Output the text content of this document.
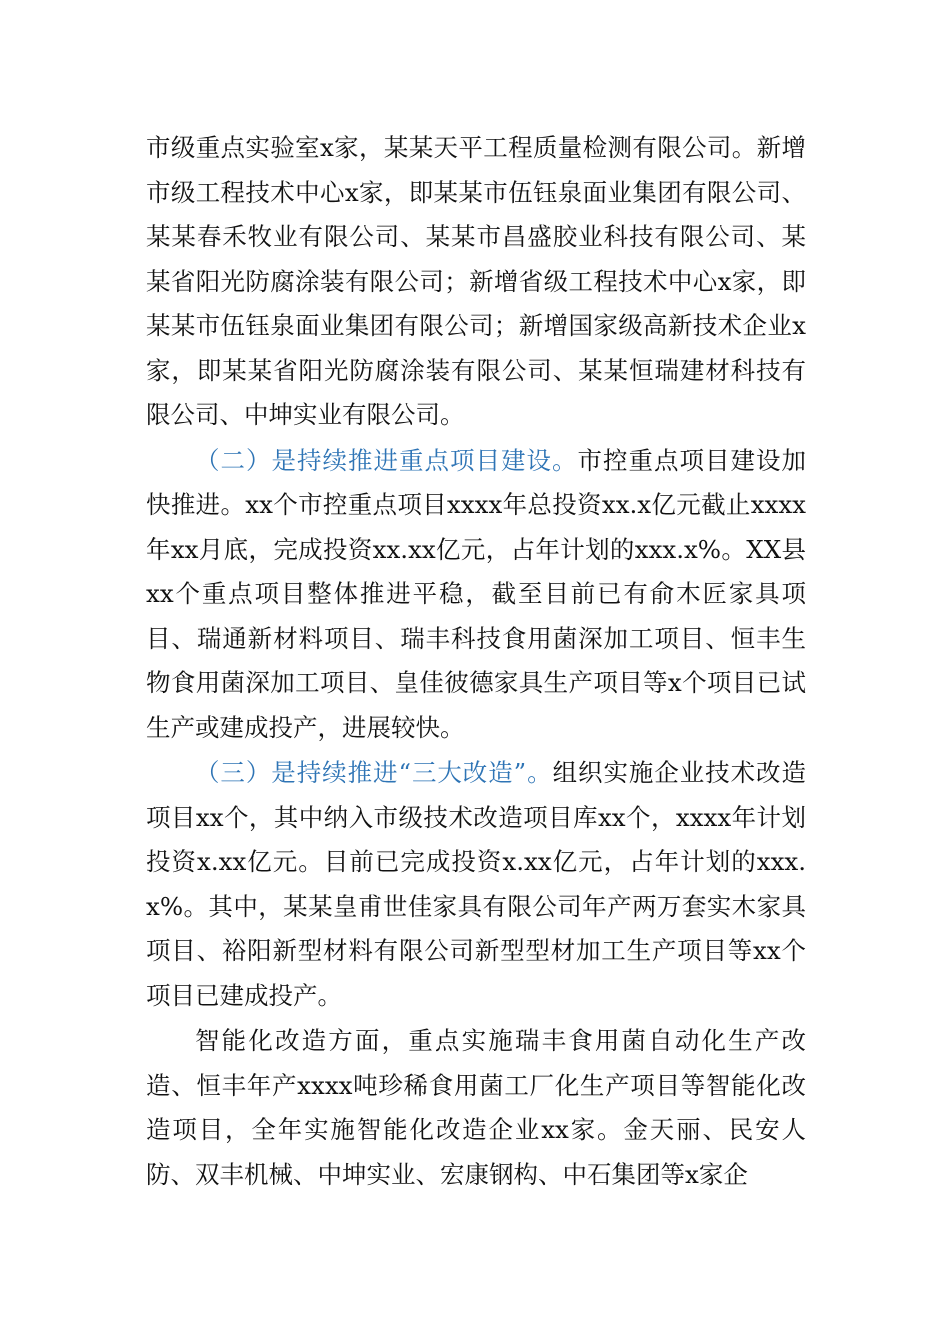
市级重点实验室x家，某某天平工程质量检测有限公司。新增市级工程技术中心x家，即某某市伍钰泉面业集团有限公司、某某春禾牧业有限公司、某某市昌盛胶业科技有限公司、某某省阳光防腐涂装有限公司；新增省级工程技术中心x家，即某某市伍钰泉面业集团有限公司；新增国家级高新技术企业x家，即某某省阳光防腐涂装有限公司、某某恒瑞建材科技有限公司、中坤实业有限公司。

（二）是持续推进重点项目建设。市控重点项目建设加快推进。xx个市控重点项目xxxx年总投资xx.x亿元截止xxxx年xx月底，完成投资xx.xx亿元，占年计划的xxx.x%。XX县xx个重点项目整体推进平稳，截至目前已有俞木匠家具项目、瑞通新材料项目、瑞丰科技食用菌深加工项目、恒丰生物食用菌深加工项目、皇佳彼德家具生产项目等x个项目已试生产或建成投产，进展较快。

（三）是持续推进“三大改造”。组织实施企业技术改造项目xx个，其中纳入市级技术改造项目库xx个，xxxx年计划投资x.xx亿元。目前已完成投资x.xx亿元，占年计划的xxx.x%。其中，某某皇甫世佳家具有限公司年产两万套实木家具项目、裕阳新型材料有限公司新型型材加工生产项目等xx个项目已建成投产。

智能化改造方面，重点实施瑞丰食用菌自动化生产改造、恒丰年产xxxx吨珍稀食用菌工厂化生产项目等智能化改造项目，全年实施智能化改造企业xx家。金天丽、民安人防、双丰机械、中坤实业、宏康钢构、中石集团等x家企
